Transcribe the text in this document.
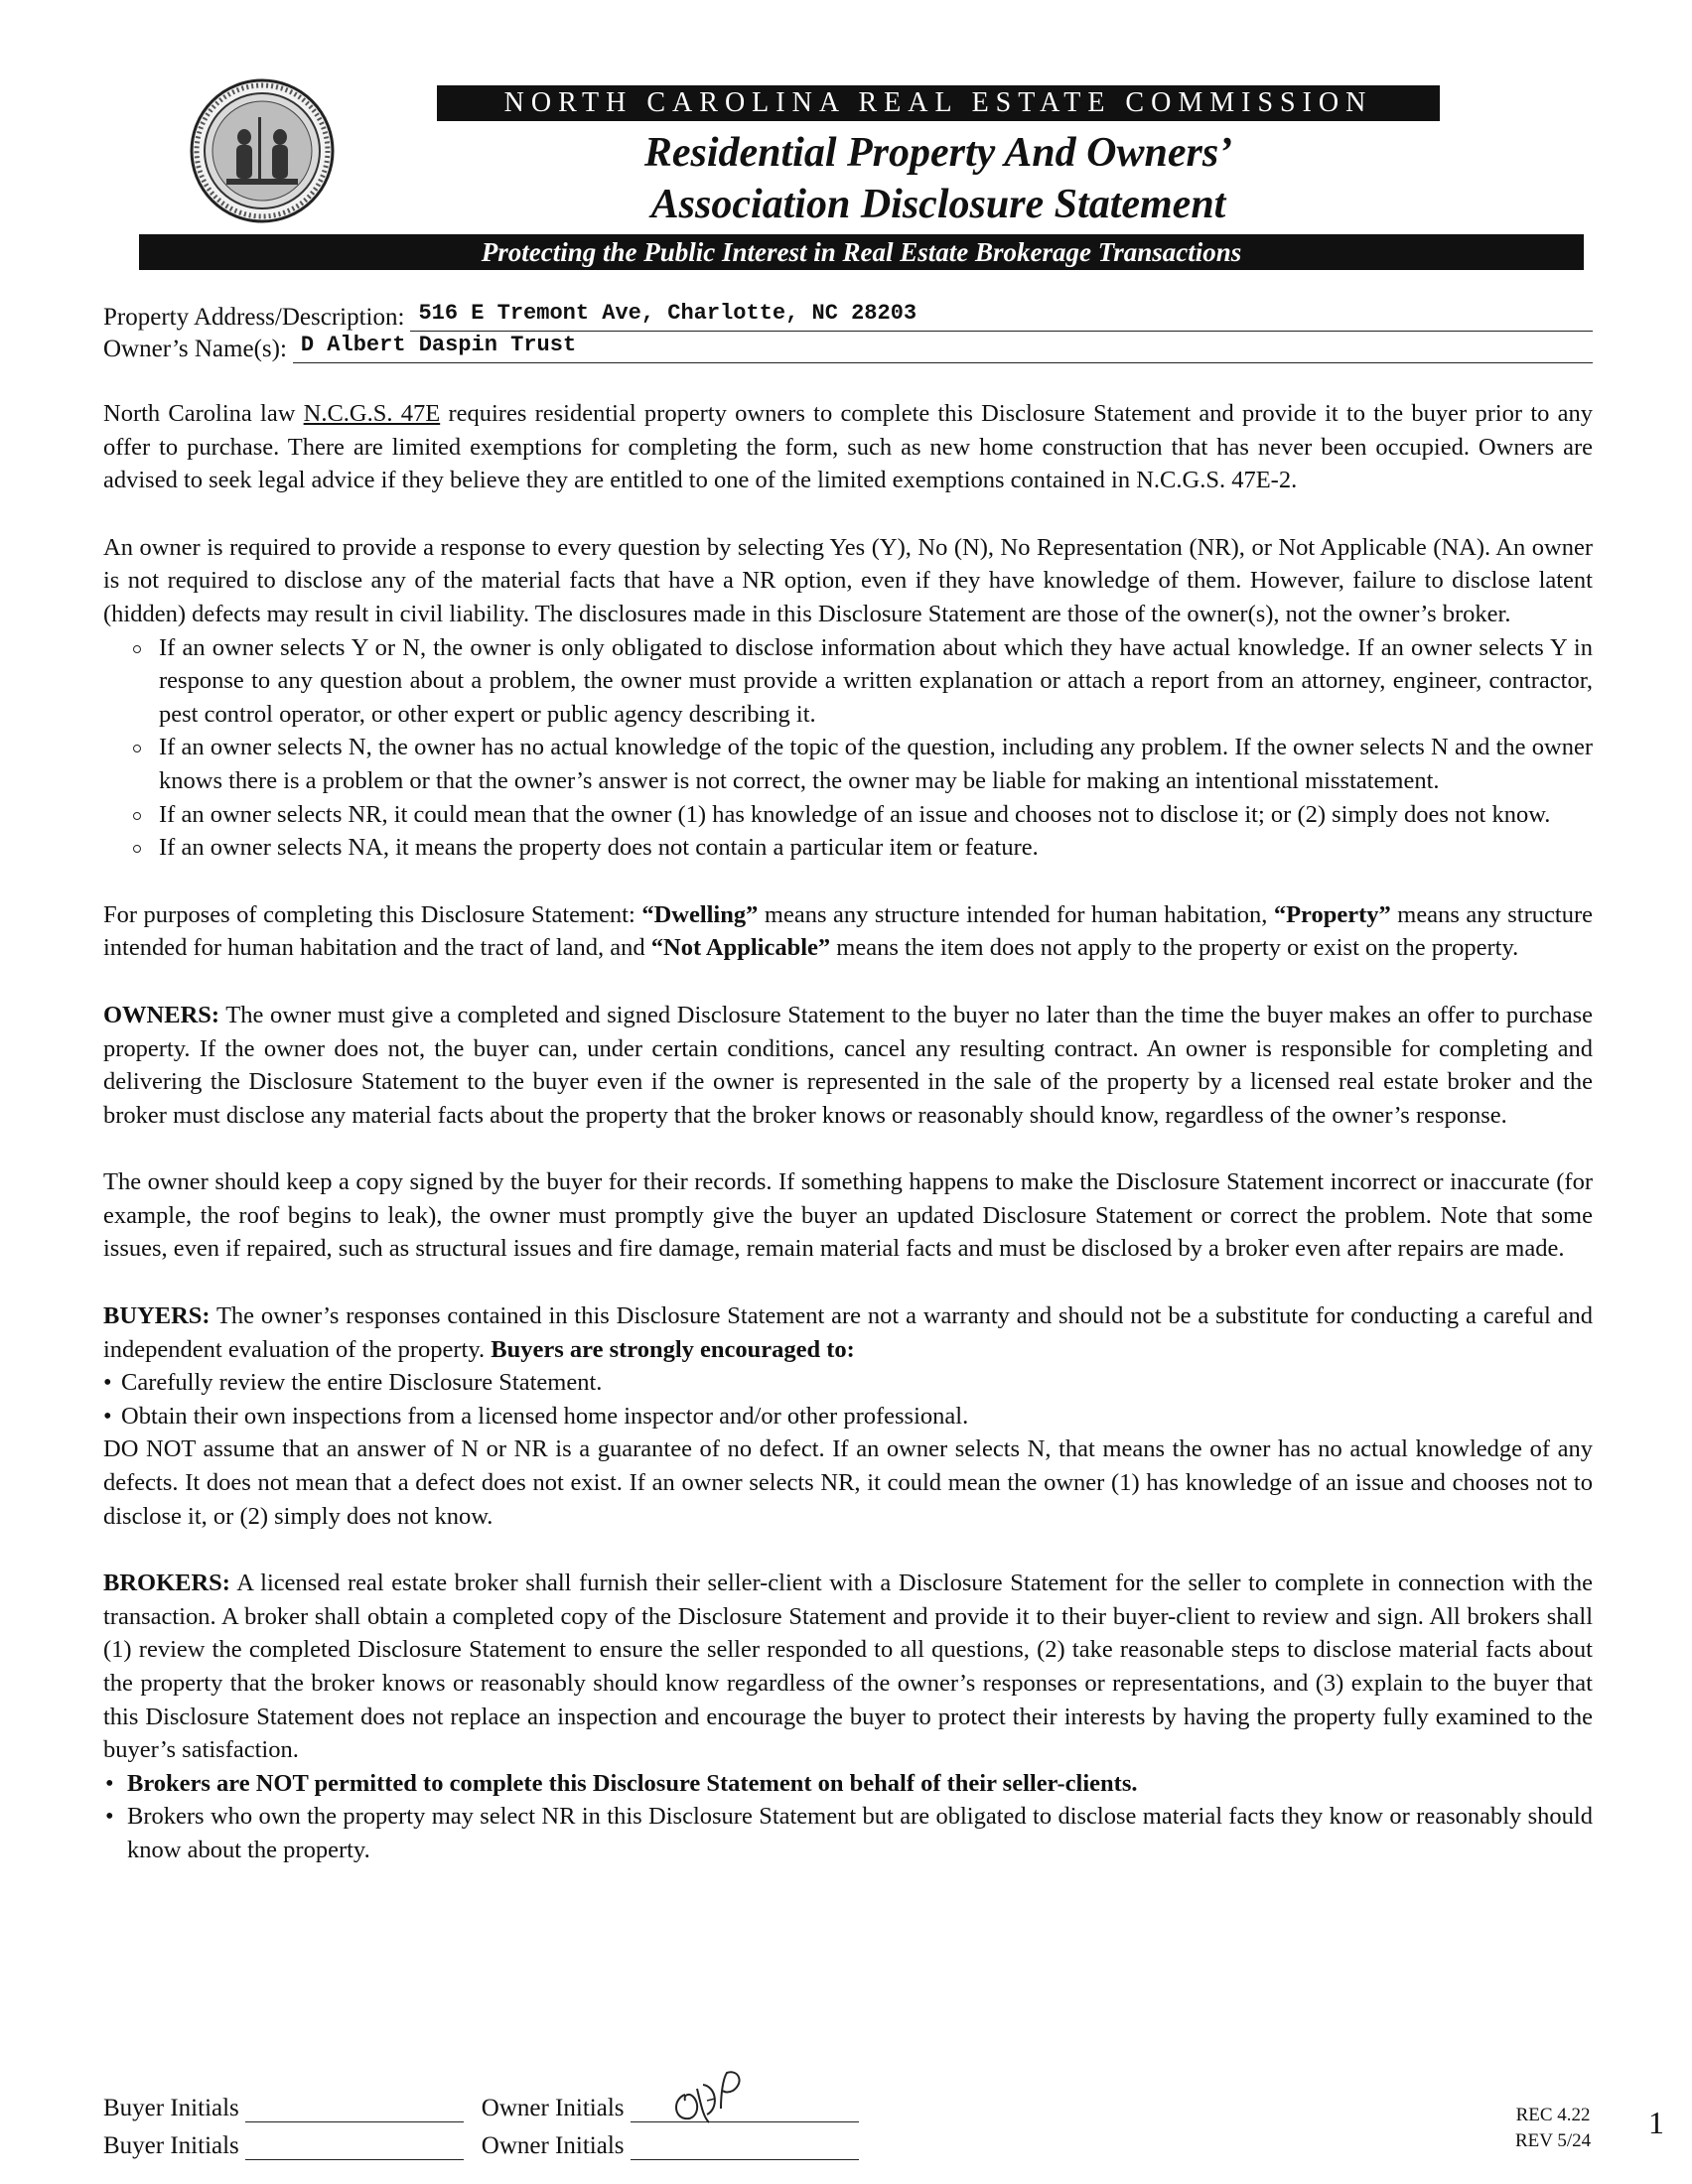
NORTH CAROLINA REAL ESTATE COMMISSION
Residential Property And Owners’
Association Disclosure Statement
Protecting the Public Interest in Real Estate Brokerage Transactions
Property Address/Description: 516 E Tremont Ave, Charlotte, NC 28203
Owner’s Name(s): D Albert Daspin Trust

North Carolina law N.C.G.S. 47E requires residential property owners to complete this Disclosure Statement and provide it to the buyer prior to any offer to purchase. There are limited exemptions for completing the form, such as new home construction that has never been occupied. Owners are advised to seek legal advice if they believe they are entitled to one of the limited exemptions contained in N.C.G.S. 47E-2.

An owner is required to provide a response to every question by selecting Yes (Y), No (N), No Representation (NR), or Not Applicable (NA). An owner is not required to disclose any of the material facts that have a NR option, even if they have knowledge of them. However, failure to disclose latent (hidden) defects may result in civil liability. The disclosures made in this Disclosure Statement are those of the owner(s), not the owner’s broker.

If an owner selects Y or N, the owner is only obligated to disclose information about which they have actual knowledge. If an owner selects Y in response to any question about a problem, the owner must provide a written explanation or attach a report from an attorney, engineer, contractor, pest control operator, or other expert or public agency describing it.
If an owner selects N, the owner has no actual knowledge of the topic of the question, including any problem. If the owner selects N and the owner knows there is a problem or that the owner’s answer is not correct, the owner may be liable for making an intentional misstatement.
If an owner selects NR, it could mean that the owner (1) has knowledge of an issue and chooses not to disclose it; or (2) simply does not know.
If an owner selects NA, it means the property does not contain a particular item or feature.

For purposes of completing this Disclosure Statement: “Dwelling” means any structure intended for human habitation, “Property” means any structure intended for human habitation and the tract of land, and “Not Applicable” means the item does not apply to the property or exist on the property.

OWNERS: The owner must give a completed and signed Disclosure Statement to the buyer no later than the time the buyer makes an offer to purchase property. If the owner does not, the buyer can, under certain conditions, cancel any resulting contract. An owner is responsible for completing and delivering the Disclosure Statement to the buyer even if the owner is represented in the sale of the property by a licensed real estate broker and the broker must disclose any material facts about the property that the broker knows or reasonably should know, regardless of the owner’s response.

The owner should keep a copy signed by the buyer for their records. If something happens to make the Disclosure Statement incorrect or inaccurate (for example, the roof begins to leak), the owner must promptly give the buyer an updated Disclosure Statement or correct the problem. Note that some issues, even if repaired, such as structural issues and fire damage, remain material facts and must be disclosed by a broker even after repairs are made.

BUYERS: The owner’s responses contained in this Disclosure Statement are not a warranty and should not be a substitute for conducting a careful and independent evaluation of the property. Buyers are strongly encouraged to:

• Carefully review the entire Disclosure Statement.
• Obtain their own inspections from a licensed home inspector and/or other professional.

DO NOT assume that an answer of N or NR is a guarantee of no defect. If an owner selects N, that means the owner has no actual knowledge of any defects. It does not mean that a defect does not exist. If an owner selects NR, it could mean the owner (1) has knowledge of an issue and chooses not to disclose it, or (2) simply does not know.

BROKERS: A licensed real estate broker shall furnish their seller-client with a Disclosure Statement for the seller to complete in connection with the transaction. A broker shall obtain a completed copy of the Disclosure Statement and provide it to their buyer-client to review and sign. All brokers shall (1) review the completed Disclosure Statement to ensure the seller responded to all questions, (2) take reasonable steps to disclose material facts about the property that the broker knows or reasonably should know regardless of the owner’s responses or representations, and (3) explain to the buyer that this Disclosure Statement does not replace an inspection and encourage the buyer to protect their interests by having the property fully examined to the buyer’s satisfaction.

• Brokers are NOT permitted to complete this Disclosure Statement on behalf of their seller-clients.
• Brokers who own the property may select NR in this Disclosure Statement but are obligated to disclose material facts they know or reasonably should know about the property.
Buyer Initials	Owner Initials
Buyer Initials	Owner Initials
REC 4.22
REV 5/24
1
